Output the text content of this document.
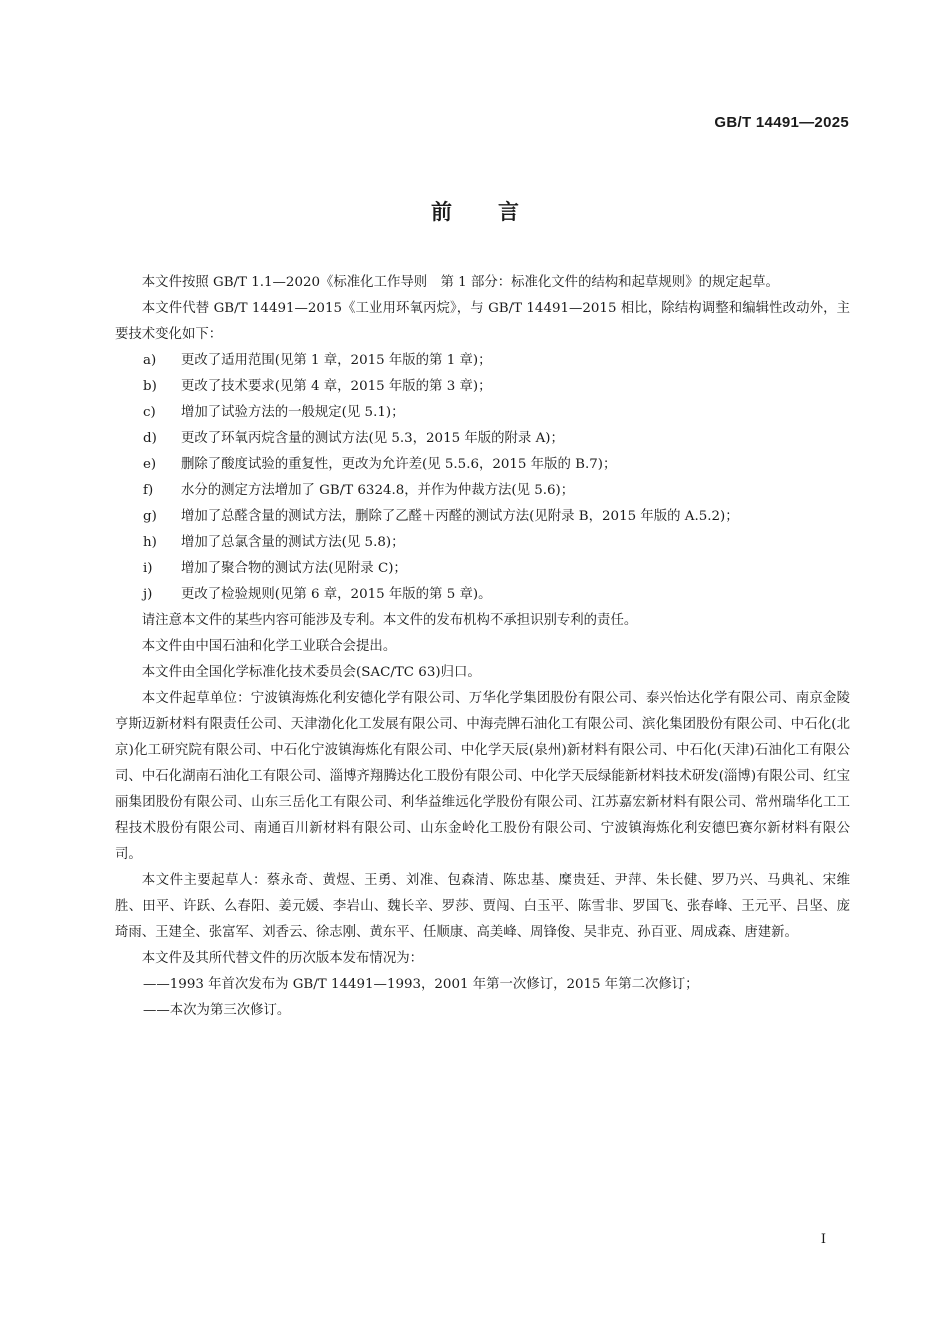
GB/T 14491—2025
前言

本文件按照 GB/T 1.1—2020《标准化工作导则　第 1 部分：标准化文件的结构和起草规则》的规定起草。

本文件代替 GB/T 14491—2015《工业用环氧丙烷》，与 GB/T 14491—2015 相比，除结构调整和编辑性改动外，主要技术变化如下：

a)	更改了适用范围(见第 1 章，2015 年版的第 1 章)；
b)	更改了技术要求(见第 4 章，2015 年版的第 3 章)；
c)	增加了试验方法的一般规定(见 5.1)；
d)	更改了环氧丙烷含量的测试方法(见 5.3，2015 年版的附录 A)；
e)	删除了酸度试验的重复性，更改为允许差(见 5.5.6，2015 年版的 B.7)；
f)	水分的测定方法增加了 GB/T 6324.8，并作为仲裁方法(见 5.6)；
g)	增加了总醛含量的测试方法，删除了乙醛＋丙醛的测试方法(见附录 B，2015 年版的 A.5.2)；
h)	增加了总氯含量的测试方法(见 5.8)；
i)	增加了聚合物的测试方法(见附录 C)；
j)	更改了检验规则(见第 6 章，2015 年版的第 5 章)。

请注意本文件的某些内容可能涉及专利。本文件的发布机构不承担识别专利的责任。

本文件由中国石油和化学工业联合会提出。

本文件由全国化学标准化技术委员会(SAC/TC 63)归口。

本文件起草单位：宁波镇海炼化利安德化学有限公司、万华化学集团股份有限公司、泰兴怡达化学有限公司、南京金陵亨斯迈新材料有限责任公司、天津渤化化工发展有限公司、中海壳牌石油化工有限公司、滨化集团股份有限公司、中石化(北京)化工研究院有限公司、中石化宁波镇海炼化有限公司、中化学天辰(泉州)新材料有限公司、中石化(天津)石油化工有限公司、中石化湖南石油化工有限公司、淄博齐翔腾达化工股份有限公司、中化学天辰绿能新材料技术研发(淄博)有限公司、红宝丽集团股份有限公司、山东三岳化工有限公司、利华益维远化学股份有限公司、江苏嘉宏新材料有限公司、常州瑞华化工工程技术股份有限公司、南通百川新材料有限公司、山东金岭化工股份有限公司、宁波镇海炼化利安德巴赛尔新材料有限公司。

本文件主要起草人：蔡永奇、黄煜、王勇、刘准、包森清、陈忠基、糜贵廷、尹萍、朱长健、罗乃兴、马典礼、宋维胜、田平、许跃、么春阳、姜元媛、李岩山、魏长辛、罗莎、贾闯、白玉平、陈雪非、罗国飞、张春峰、王元平、吕坚、庞琦雨、王建全、张富军、刘香云、徐志刚、黄东平、任顺康、高美峰、周锋俊、吴非克、孙百亚、周成森、唐建新。

本文件及其所代替文件的历次版本发布情况为：

——1993 年首次发布为 GB/T 14491—1993，2001 年第一次修订，2015 年第二次修订；

——本次为第三次修订。

Ⅰ
